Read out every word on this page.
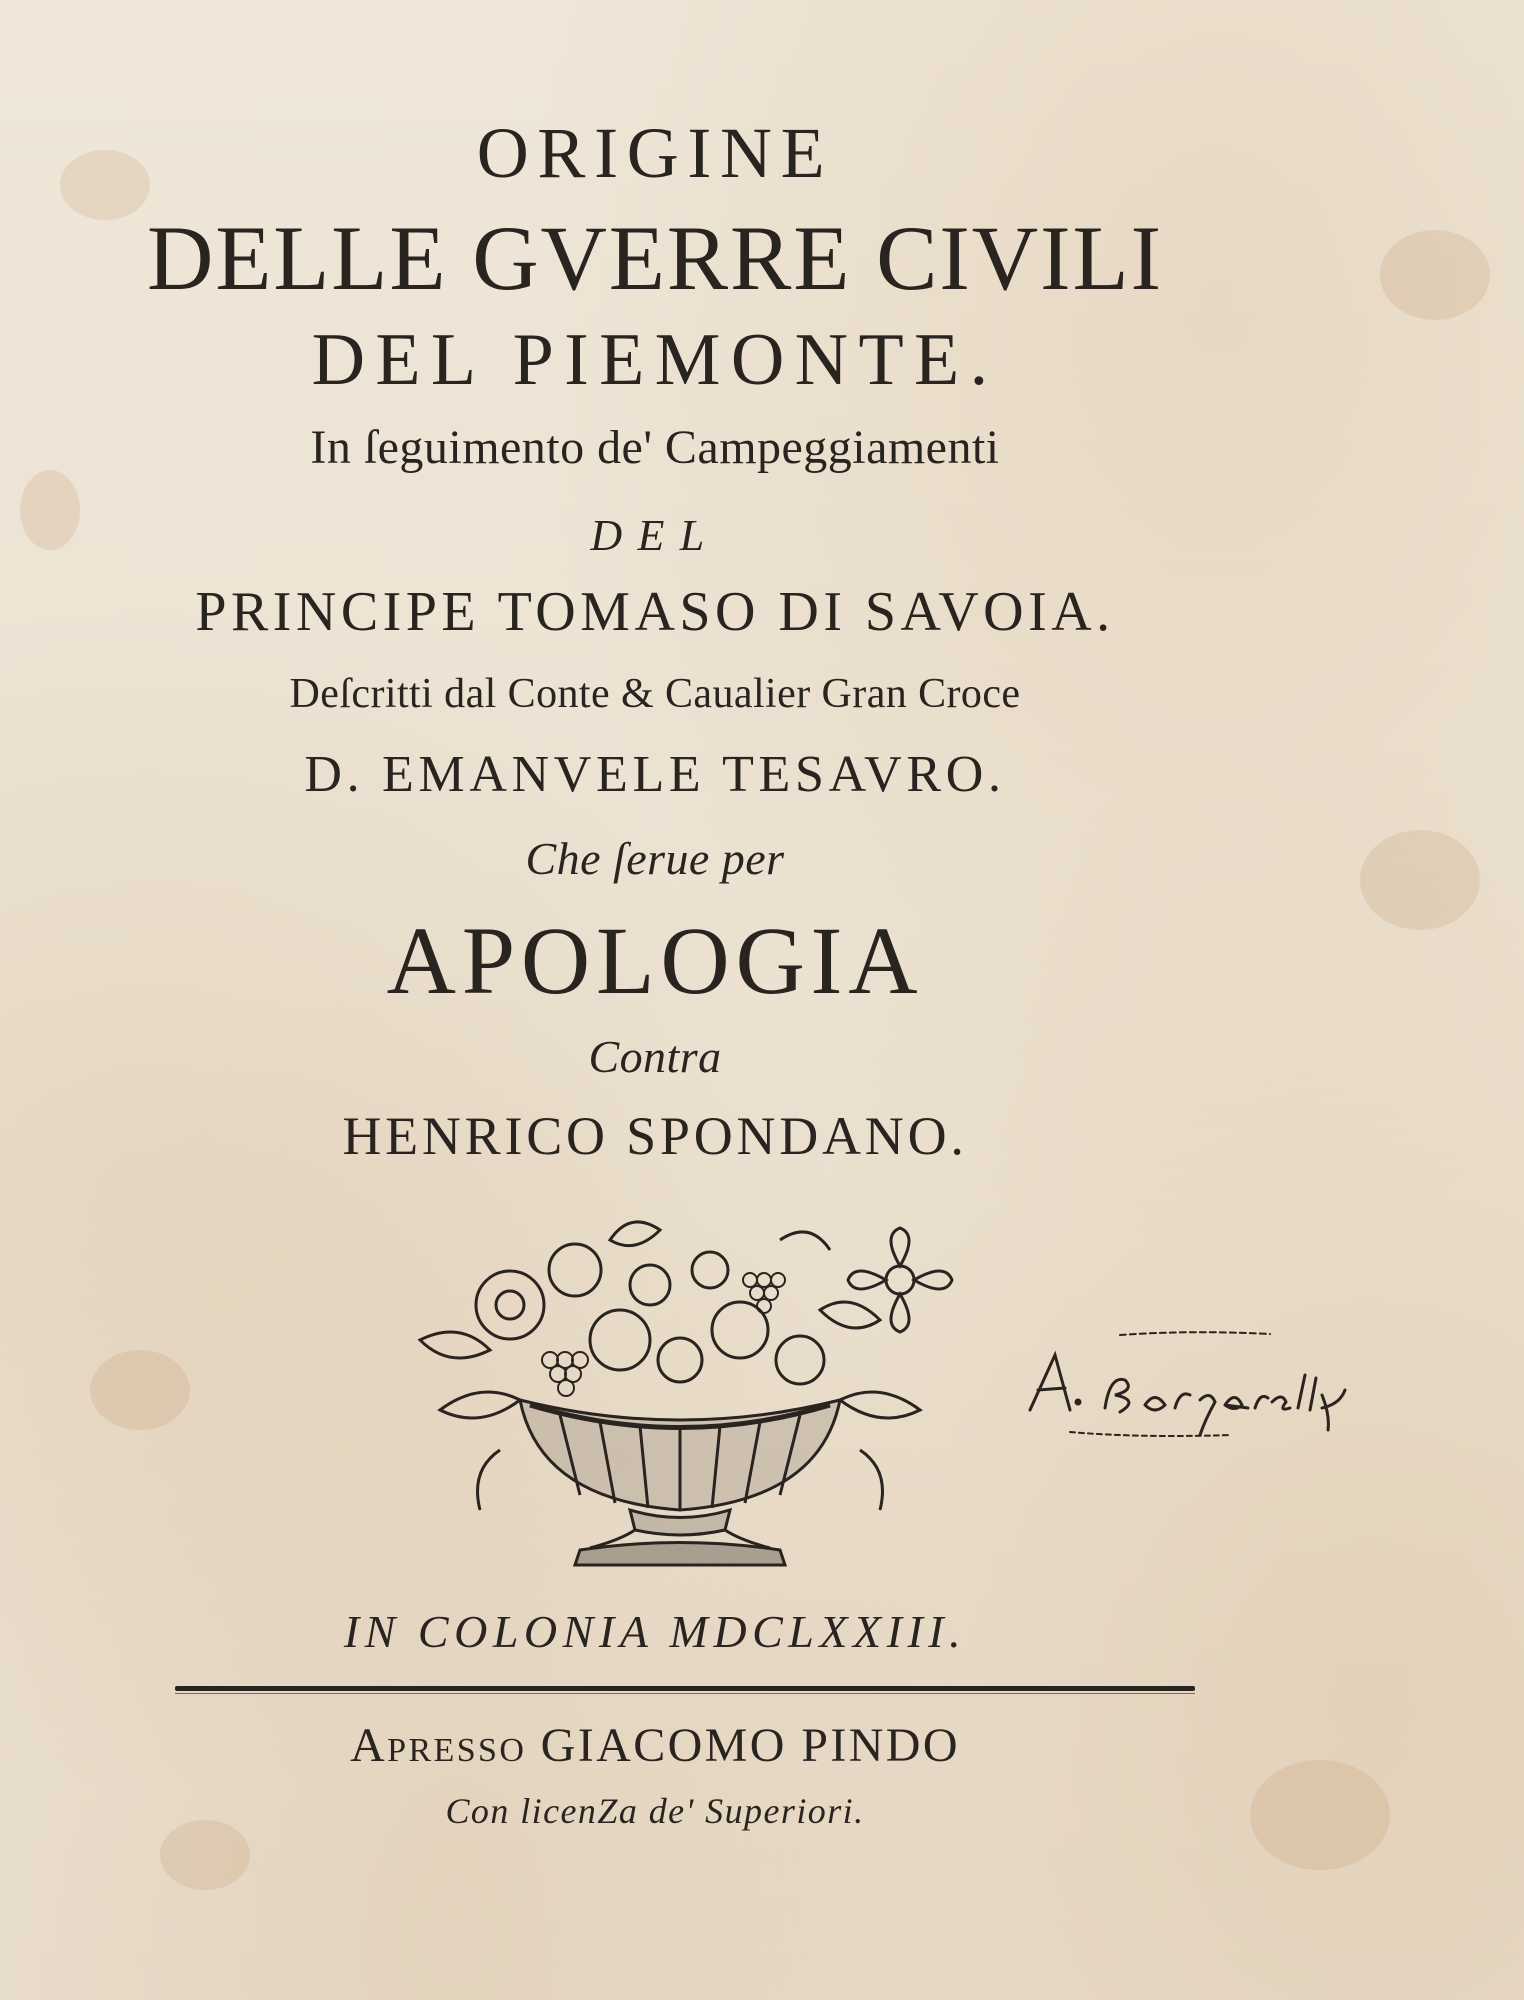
ORIGINE
DELLE GVERRE CIVILI
DEL PIEMONTE.
In ſeguimento de' Campeggiamenti
DEL
PRINCIPE TOMASO DI SAVOIA.
Deſcritti dal Conte & Caualier Gran Croce
D. EMANVELE TESAVRO.
Che ſerue per
APOLOGIA
Contra
HENRICO SPONDANO.
IN COLONIA MDCLXXIII.
Apreſſo GIACOMO PINDO
Con licenZa de' Superiori.
